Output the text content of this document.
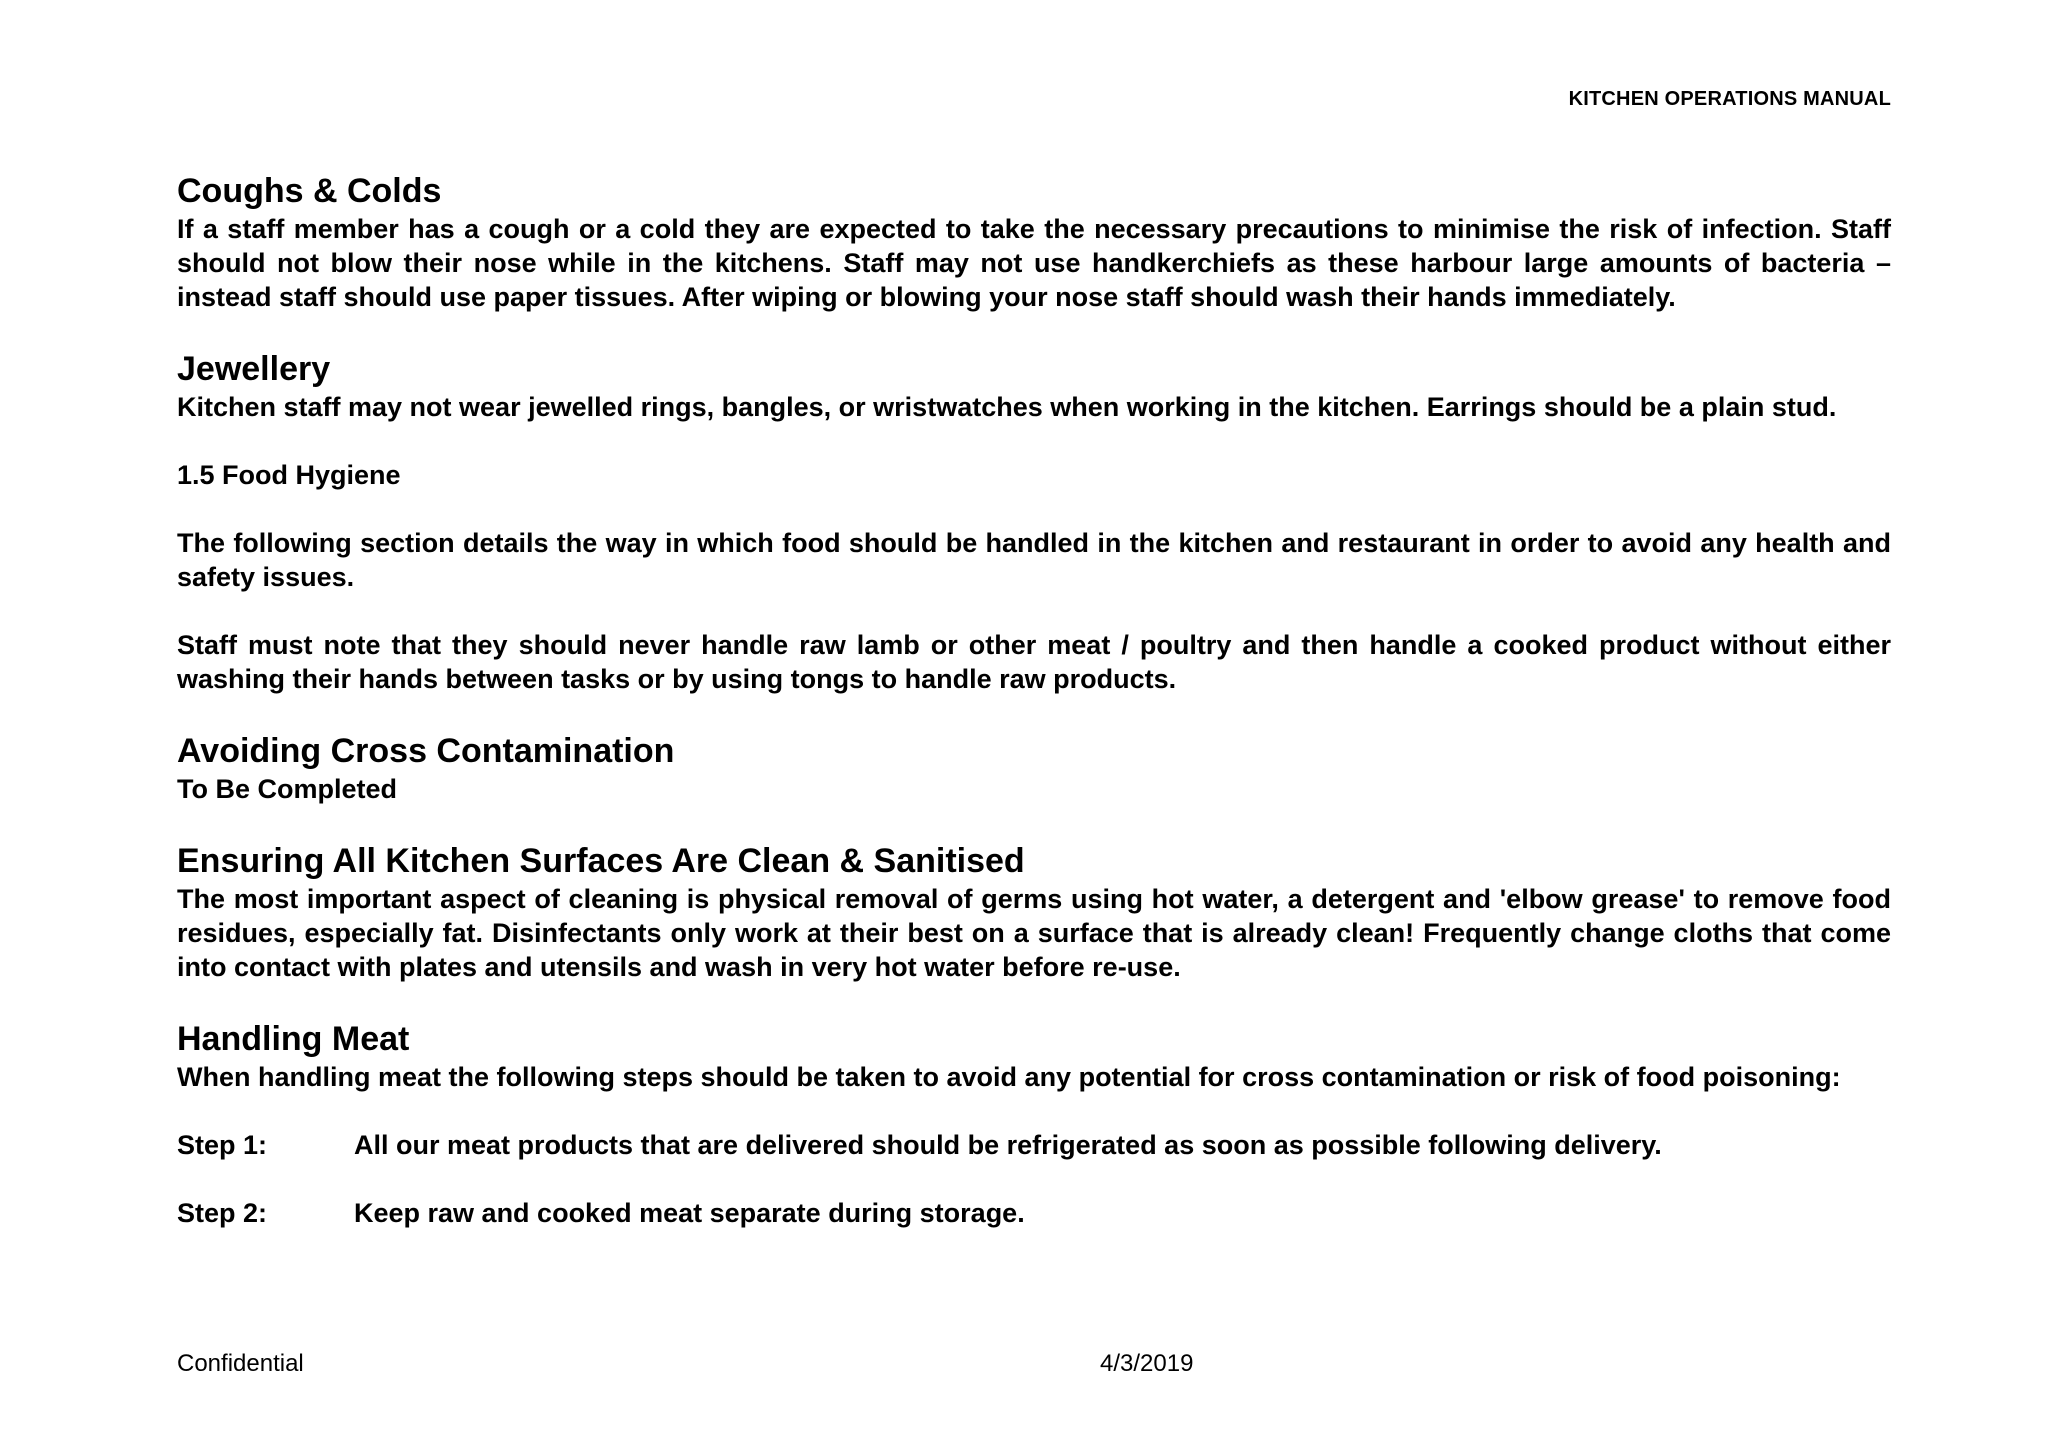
KITCHEN OPERATIONS MANUAL
Coughs & Colds

If a staff member has a cough or a cold they are expected to take the necessary precautions to minimise the risk of infection. Staff should not blow their nose while in the kitchens. Staff may not use handkerchiefs as these harbour large amounts of bacteria – instead staff should use paper tissues. After wiping or blowing your nose staff should wash their hands immediately.

Jewellery

Kitchen staff may not wear jewelled rings, bangles, or wristwatches when working in the kitchen. Earrings should be a plain stud.

1.5 Food Hygiene

The following section details the way in which food should be handled in the kitchen and restaurant in order to avoid any health and safety issues.

Staff must note that they should never handle raw lamb or other meat / poultry and then handle a cooked product without either washing their hands between tasks or by using tongs to handle raw products.

Avoiding Cross Contamination

To Be Completed

Ensuring All Kitchen Surfaces Are Clean & Sanitised

The most important aspect of cleaning is physical removal of germs using hot water, a detergent and 'elbow grease' to remove food residues, especially fat. Disinfectants only work at their best on a surface that is already clean! Frequently change cloths that come into contact with plates and utensils and wash in very hot water before re-use.

Handling Meat

When handling meat the following steps should be taken to avoid any potential for cross contamination or risk of food poisoning:

Step 1:	All our meat products that are delivered should be refrigerated as soon as possible following delivery.
Step 2:	Keep raw and cooked meat separate during storage.
Confidential	4/3/2019
